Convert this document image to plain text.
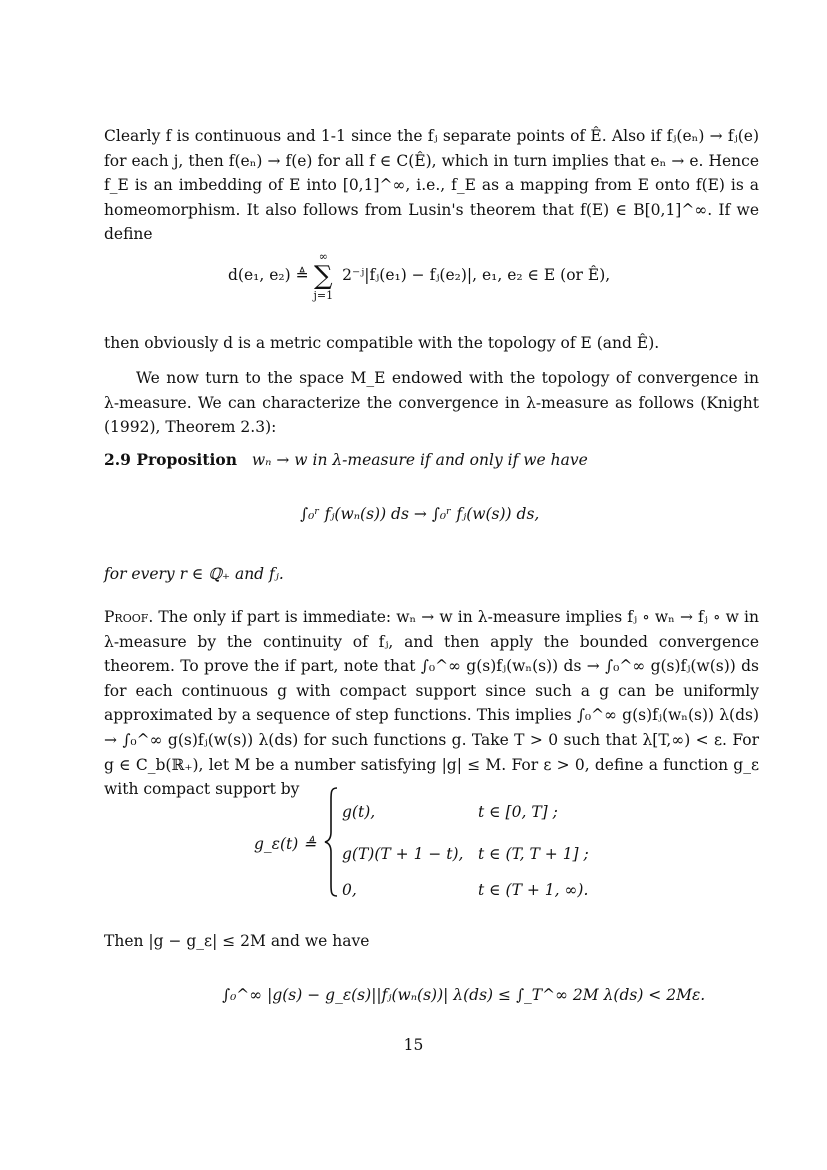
Clearly f is continuous and 1-1 since the fⱼ separate points of Ê. Also if fⱼ(eₙ) → fⱼ(e) for each j, then f(eₙ) → f(e) for all f ∈ C(Ê), which in turn implies that eₙ → e. Hence f_E is an imbedding of E into [0,1]^∞, i.e., f_E as a mapping from E onto f(E) is a homeomorphism. It also follows from Lusin's theorem that f(E) ∈ B[0,1]^∞. If we define

d(e₁, e₂) ≜ ∞
∑
j=1 2⁻ʲ|fⱼ(e₁) − fⱼ(e₂)|, e₁, e₂ ∈ E (or Ê),

then obviously d is a metric compatible with the topology of E (and Ê).

We now turn to the space M_E endowed with the topology of convergence in λ-measure. We can characterize the convergence in λ-measure as follows (Knight (1992), Theorem 2.3):

2.9 Proposition wₙ → w in λ-measure if and only if we have

∫₀ʳ fⱼ(wₙ(s)) ds → ∫₀ʳ fⱼ(w(s)) ds,

for every r ∈ ℚ₊ and fⱼ.

Proof. The only if part is immediate: wₙ → w in λ-measure implies fⱼ ∘ wₙ → fⱼ ∘ w in λ-measure by the continuity of fⱼ, and then apply the bounded convergence theorem. To prove the if part, note that ∫₀^∞ g(s)fⱼ(wₙ(s)) ds → ∫₀^∞ g(s)fⱼ(w(s)) ds for each continuous g with compact support since such a g can be uniformly approximated by a sequence of step functions. This implies ∫₀^∞ g(s)fⱼ(wₙ(s)) λ(ds) → ∫₀^∞ g(s)fⱼ(w(s)) λ(ds) for such functions g. Take T > 0 such that λ[T,∞) < ε. For g ∈ C_b(ℝ₊), let M be a number satisfying |g| ≤ M. For ε > 0, define a function g_ε with compact support by

g_ε(t) ≜
g(t),	t ∈ [0, T] ;
g(T)(T + 1 − t), t ∈ (T, T + 1] ;
0,	t ∈ (T + 1, ∞).

Then |g − g_ε| ≤ 2M and we have

∫₀^∞ |g(s) − g_ε(s)||fⱼ(wₙ(s))| λ(ds) ≤ ∫_T^∞ 2M λ(ds) < 2Mε.
15
